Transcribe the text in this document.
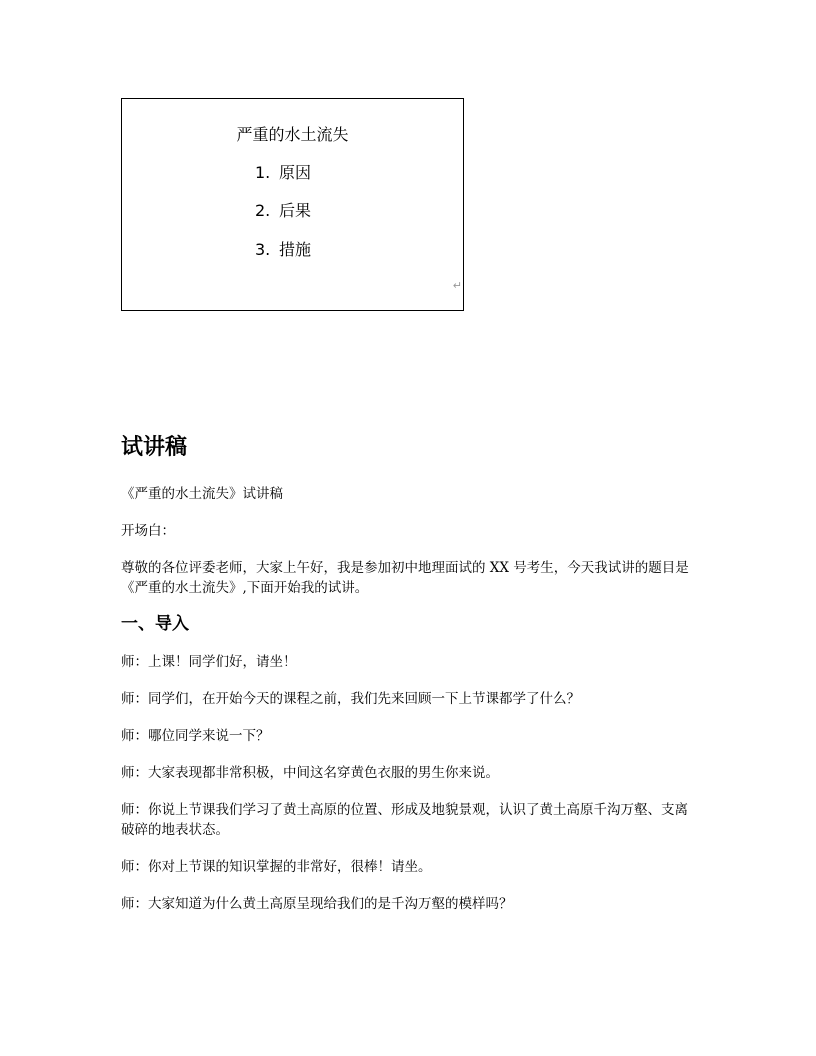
严重的水土流失
1. 原因
2. 后果
3. 措施
↵
试讲稿

《严重的水土流失》试讲稿

开场白：

尊敬的各位评委老师，大家上午好，我是参加初中地理面试的 XX 号考生，今天我试讲的题目是《严重的水土流失》,下面开始我的试讲。

一、导入

师：上课！同学们好，请坐！

师：同学们，在开始今天的课程之前，我们先来回顾一下上节课都学了什么？

师：哪位同学来说一下？

师：大家表现都非常积极，中间这名穿黄色衣服的男生你来说。

师：你说上节课我们学习了黄土高原的位置、形成及地貌景观，认识了黄土高原千沟万壑、支离破碎的地表状态。

师：你对上节课的知识掌握的非常好，很棒！请坐。

师：大家知道为什么黄土高原呈现给我们的是千沟万壑的模样吗？
